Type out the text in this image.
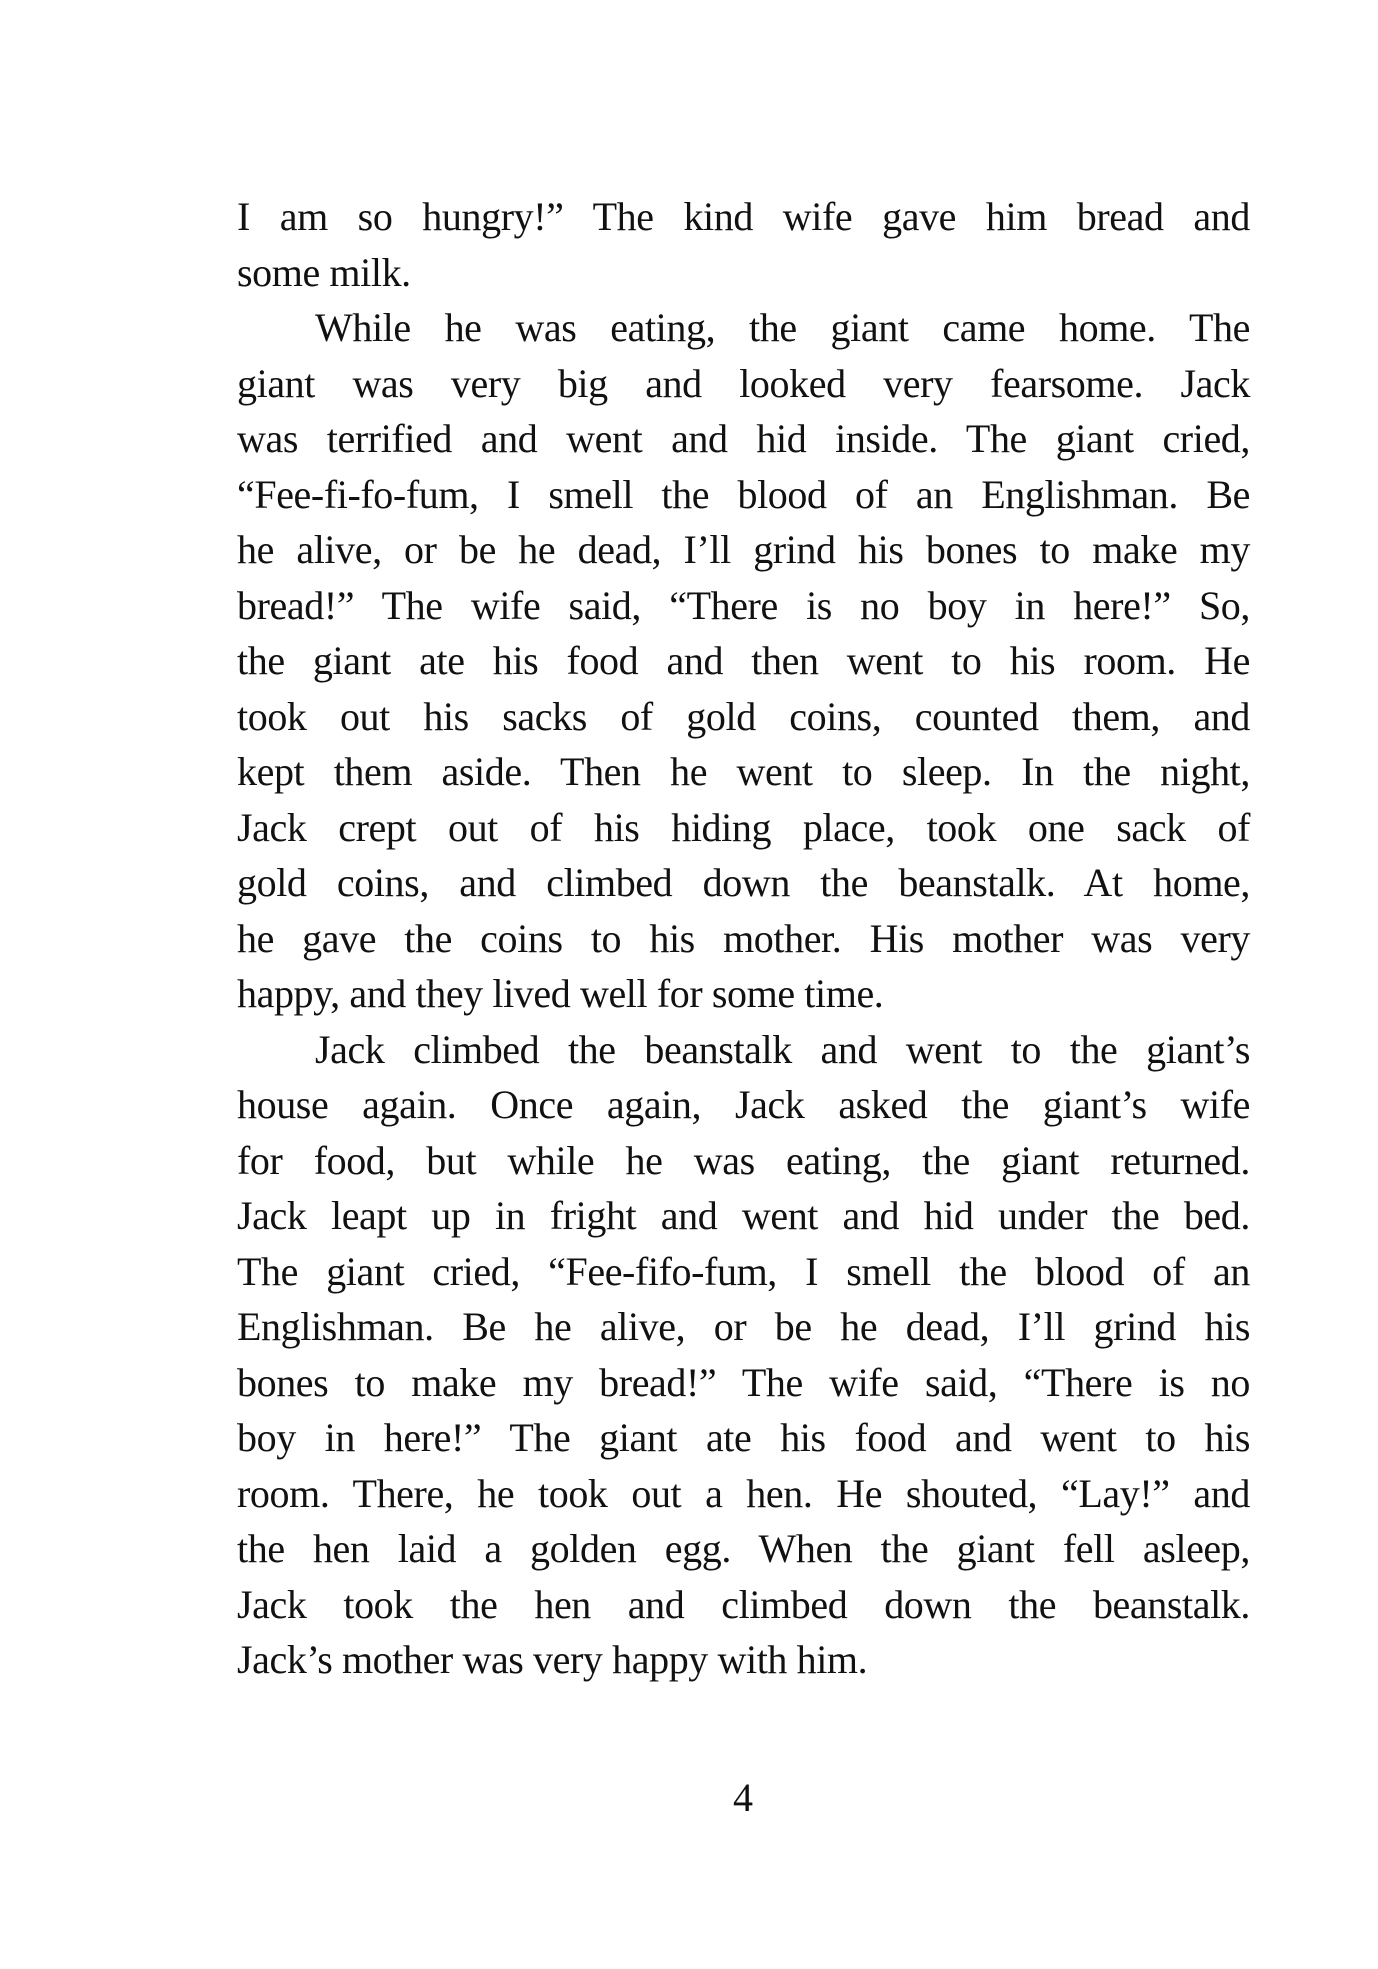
I am so hungry!” The kind wife gave him bread and
some milk.
While he was eating, the giant came home. The
giant was very big and looked very fearsome. Jack
was terrified and went and hid inside. The giant cried,
“Fee-fi-fo-fum, I smell the blood of an Englishman. Be
he alive, or be he dead, I’ll grind his bones to make my
bread!” The wife said, “There is no boy in here!” So,
the giant ate his food and then went to his room. He
took out his sacks of gold coins, counted them, and
kept them aside. Then he went to sleep. In the night,
Jack crept out of his hiding place, took one sack of
gold coins, and climbed down the beanstalk. At home,
he gave the coins to his mother. His mother was very
happy, and they lived well for some time.
Jack climbed the beanstalk and went to the giant’s
house again. Once again, Jack asked the giant’s wife
for food, but while he was eating, the giant returned.
Jack leapt up in fright and went and hid under the bed.
The giant cried, “Fee-fifo-fum, I smell the blood of an
Englishman. Be he alive, or be he dead, I’ll grind his
bones to make my bread!” The wife said, “There is no
boy in here!” The giant ate his food and went to his
room. There, he took out a hen. He shouted, “Lay!” and
the hen laid a golden egg. When the giant fell asleep,
Jack took the hen and climbed down the beanstalk.
Jack’s mother was very happy with him.
4
